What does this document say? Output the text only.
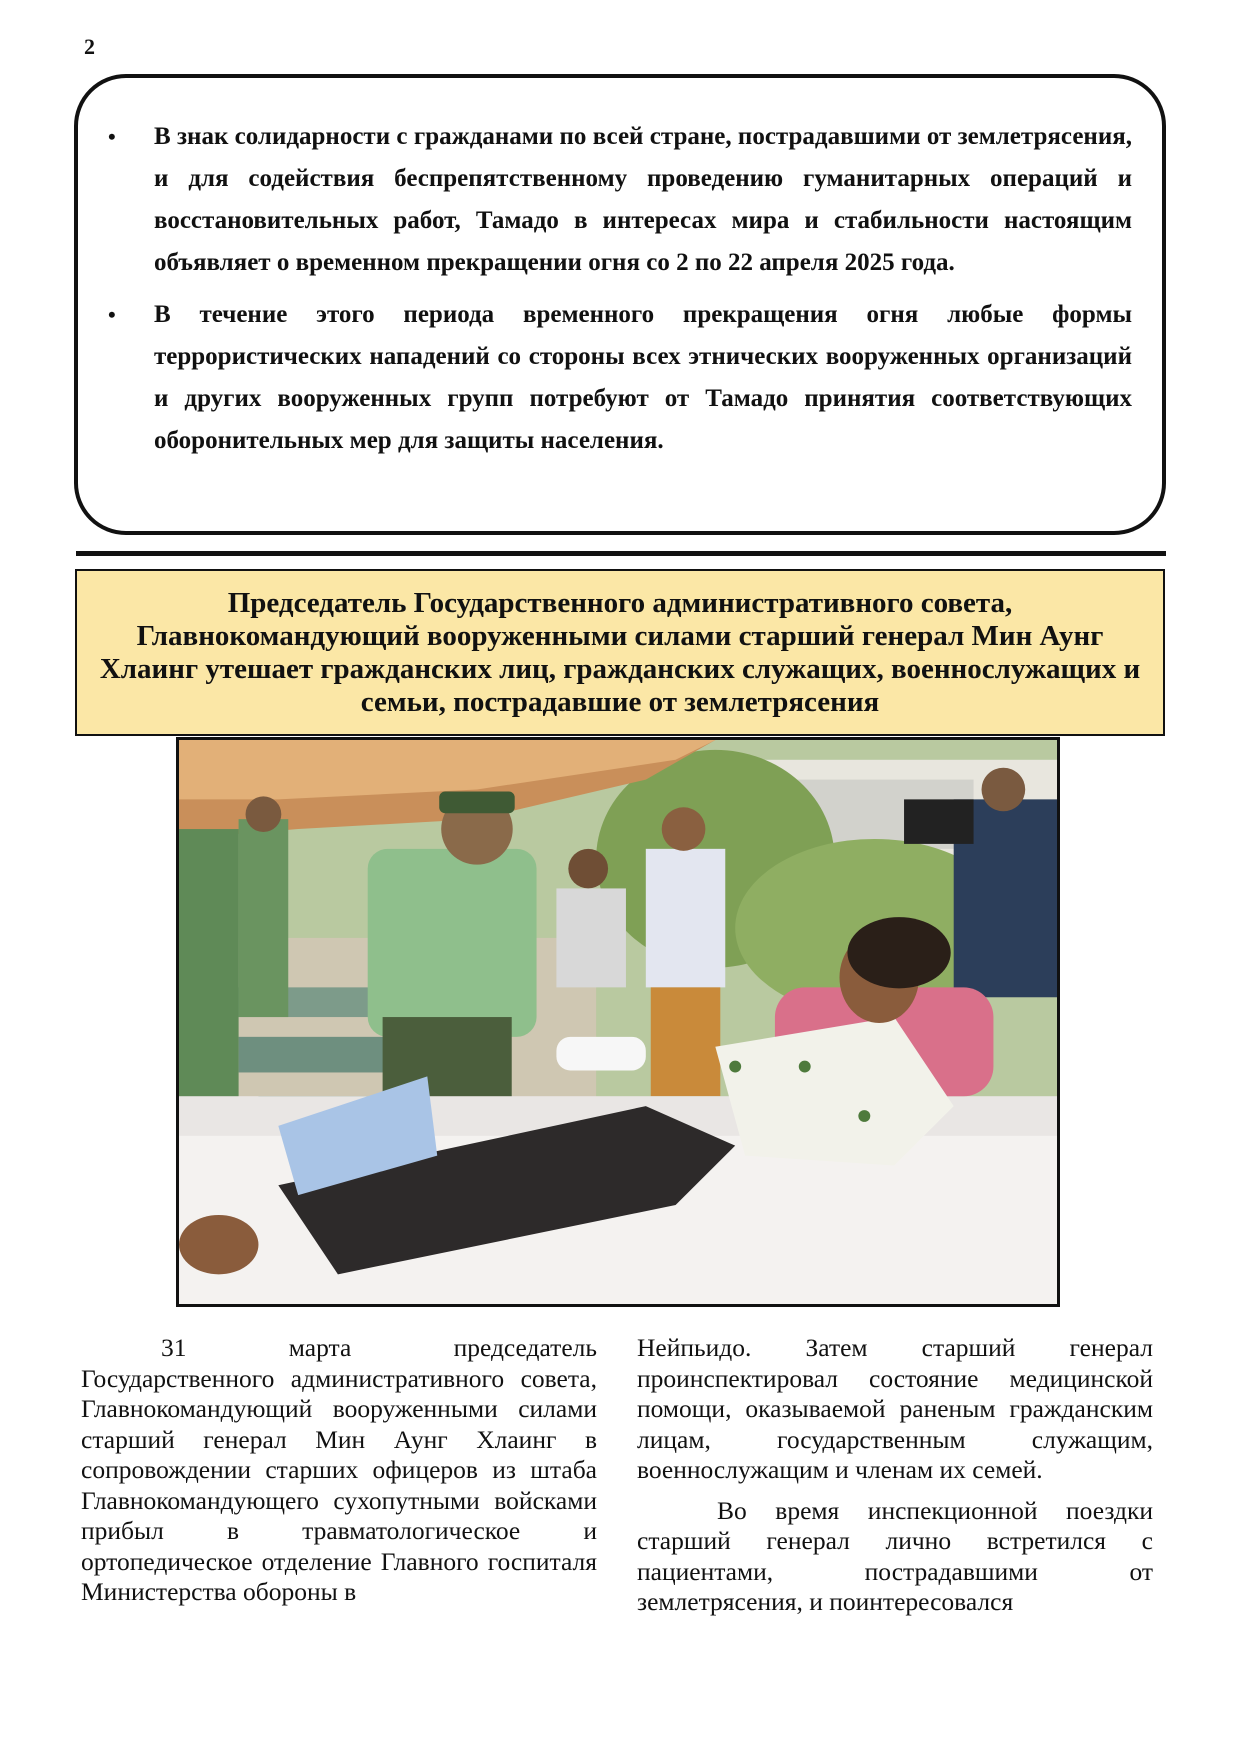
2
• В знак солидарности с гражданами по всей стране, пострадавшими от землетрясения, и для содействия беспрепятственному проведению гуманитарных операций и восстановительных работ, Тамадо в интересах мира и стабильности настоящим объявляет о временном прекращении огня со 2 по 22 апреля 2025 года.
• В течение этого периода временного прекращения огня любые формы террористических нападений со стороны всех этнических вооруженных организаций и других вооруженных групп потребуют от Тамадо принятия соответствующих оборонительных мер для защиты населения.
Председатель Государственного административного совета, Главнокомандующий вооруженными силами старший генерал Мин Аунг Хлаинг утешает гражданских лиц, гражданских служащих, военнослужащих и семьи, пострадавшие от землетрясения

31 марта председатель Государственного административного совета, Главнокомандующий вооруженными силами старший генерал Мин Аунг Хлаинг в сопровождении старших офицеров из штаба Главнокомандующего сухопутными войсками прибыл в травматологическое и ортопедическое отделение Главного госпиталя Министерства обороны в

Нейпьидо. Затем старший генерал проинспектировал состояние медицинской помощи, оказываемой раненым гражданским лицам, государственным служащим, военнослужащим и членам их семей.

Во время инспекционной поездки старший генерал лично встретился с пациентами, пострадавшими от землетрясения, и поинтересовался
